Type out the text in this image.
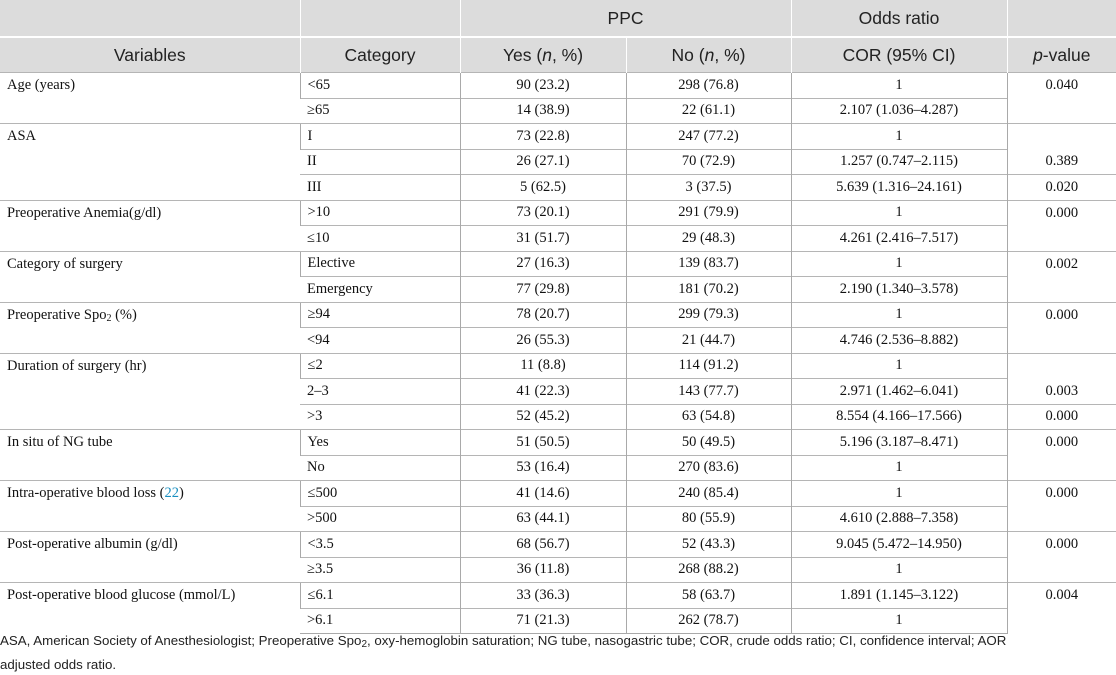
		PPC		Odds ratio	
Variables	Category	Yes (n, %)	No (n, %)	COR (95% CI)	p-value
Age (years)	<65	90 (23.2)	298 (76.8)	1	0.040
	≥65	14 (38.9)	22 (61.1)	2.107 (1.036–4.287)	
ASA	I	73 (22.8)	247 (77.2)	1	
	II	26 (27.1)	70 (72.9)	1.257 (0.747–2.115)	0.389
	III	5 (62.5)	3 (37.5)	5.639 (1.316–24.161)	0.020
Preoperative Anemia(g/dl)	>10	73 (20.1)	291 (79.9)	1	0.000
	≤10	31 (51.7)	29 (48.3)	4.261 (2.416–7.517)	
Category of surgery	Elective	27 (16.3)	139 (83.7)	1	0.002
	Emergency	77 (29.8)	181 (70.2)	2.190 (1.340–3.578)	
Preoperative Spo$_2$ (%)	≥94	78 (20.7)	299 (79.3)	1	0.000
	<94	26 (55.3)	21 (44.7)	4.746 (2.536–8.882)	
Duration of surgery (hr)	≤2	11 (8.8)	114 (91.2)	1	
	2–3	41 (22.3)	143 (77.7)	2.971 (1.462–6.041)	0.003
	>3	52 (45.2)	63 (54.8)	8.554 (4.166–17.566)	0.000
In situ of NG tube	Yes	51 (50.5)	50 (49.5)	5.196 (3.187–8.471)	0.000
	No	53 (16.4)	270 (83.6)	1	
Intra-operative blood loss (22)	≤500	41 (14.6)	240 (85.4)	1	0.000
	>500	63 (44.1)	80 (55.9)	4.610 (2.888–7.358)	
Post-operative albumin (g/dl)	<3.5	68 (56.7)	52 (43.3)	9.045 (5.472–14.950)	0.000
	≥3.5	36 (11.8)	268 (88.2)	1	
Post-operative blood glucose (mmol/L)	≤6.1	33 (36.3)	58 (63.7)	1.891 (1.145–3.122)	0.004
	>6.1	71 (21.3)	262 (78.7)	1	
ASA, American Society of Anesthesiologist; Preoperative Spo$_2$, oxy-hemoglobin saturation; NG tube, nasogastric tube; COR, crude odds ratio; CI, confidence interval; AOR
adjusted odds ratio.
